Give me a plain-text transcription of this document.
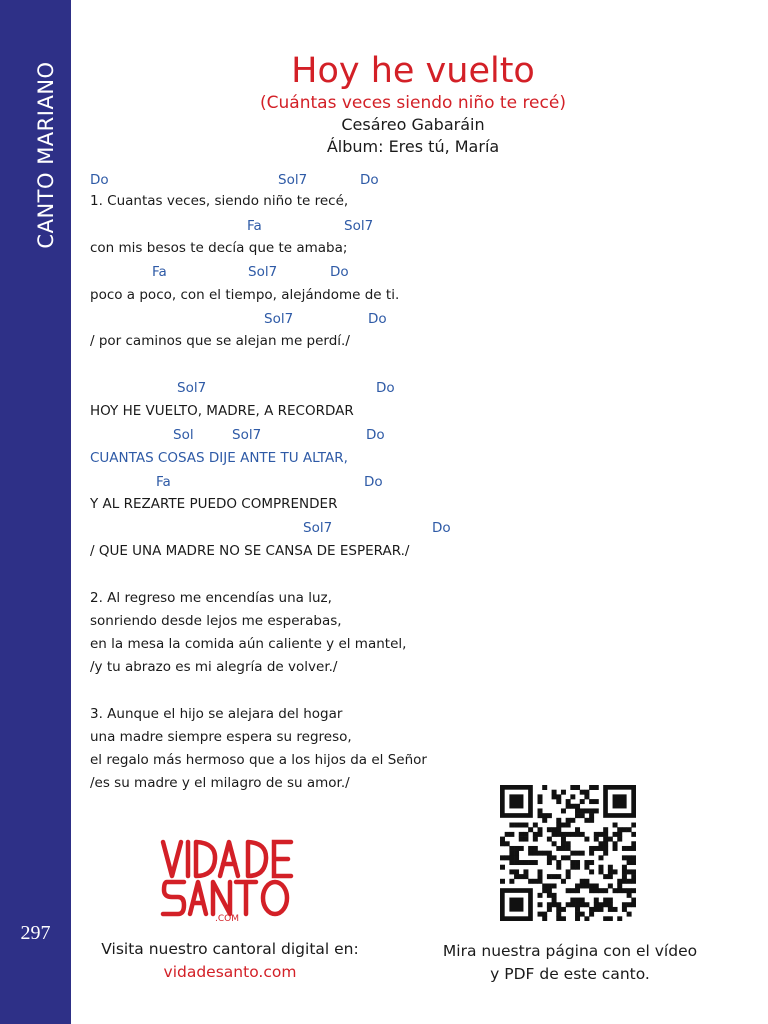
CANTO MARIANO
297
Hoy he vuelto
(Cuántas veces siendo niño te recé)
Cesáreo Gabaráin
Álbum: Eres tú, María
Do	Sol7	Do
1. Cuantas veces, siendo niño te recé,
Fa	Sol7
con mis besos te decía que te amaba;
Fa	Sol7	Do
poco a poco, con el tiempo, alejándome de ti.
Sol7	Do
/ por caminos que se alejan me perdí./
Sol7	Do
HOY HE VUELTO, MADRE, A RECORDAR
Sol	Sol7	Do
CUANTAS COSAS DIJE ANTE TU ALTAR,
Fa	Do
Y AL REZARTE PUEDO COMPRENDER
Sol7	Do
/ QUE UNA MADRE NO SE CANSA DE ESPERAR./
2. Al regreso me encendías una luz,
sonriendo desde lejos me esperabas,
en la mesa la comida aún caliente y el mantel,
/y tu abrazo es mi alegría de volver./
3. Aunque el hijo se alejara del hogar
una madre siempre espera su regreso,
el regalo más hermoso que a los hijos da el Señor
/es su madre y el milagro de su amor./
.COM
Visita nuestro cantoral digital en:
vidadesanto.com
Mira nuestra página con el vídeo
y PDF de este canto.
